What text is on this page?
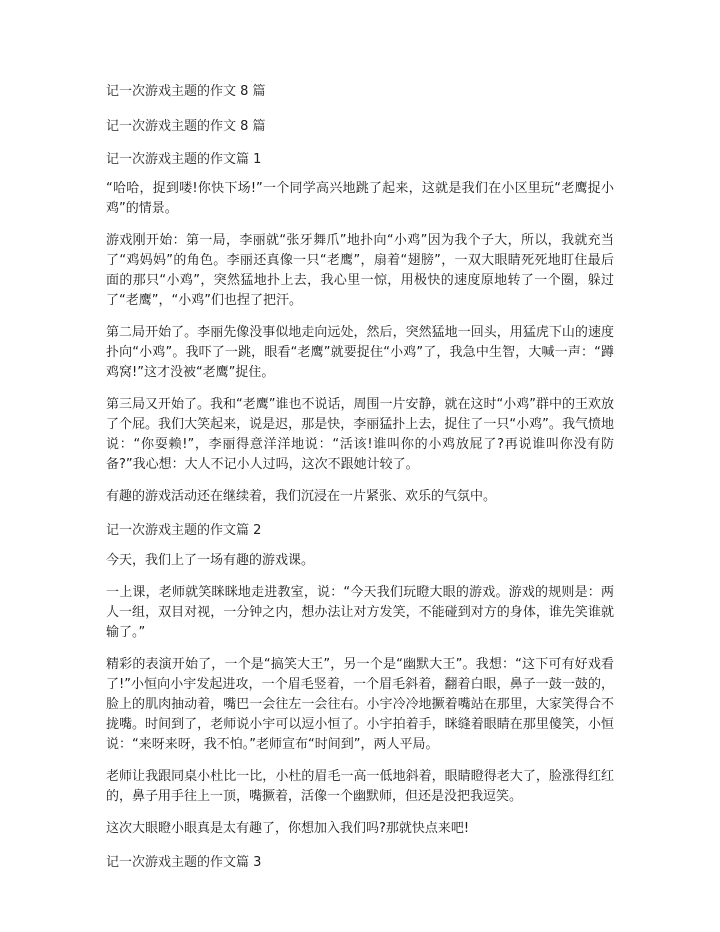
记一次游戏主题的作文 8 篇

记一次游戏主题的作文 8 篇

记一次游戏主题的作文篇 1

“哈哈，捉到喽!你快下场!”一个同学高兴地跳了起来，这就是我们在小区里玩“老鹰捉小鸡”的情景。

游戏刚开始：第一局，李丽就“张牙舞爪”地扑向“小鸡”因为我个子大，所以，我就充当了“鸡妈妈”的角色。李丽还真像一只“老鹰”，扇着“翅膀”，一双大眼睛死死地盯住最后面的那只“小鸡”，突然猛地扑上去，我心里一惊，用极快的速度原地转了一个圈，躲过了“老鹰”，“小鸡”们也捏了把汗。

第二局开始了。李丽先像没事似地走向远处，然后，突然猛地一回头，用猛虎下山的速度扑向“小鸡”。我吓了一跳，眼看“老鹰”就要捉住“小鸡”了，我急中生智，大喊一声：“蹲鸡窝!”这才没被“老鹰”捉住。

第三局又开始了。我和“老鹰”谁也不说话，周围一片安静，就在这时“小鸡”群中的王欢放了个屁。我们大笑起来，说是迟，那是快，李丽猛扑上去，捉住了一只“小鸡”。我气愤地说：“你耍赖!”，李丽得意洋洋地说：“活该!谁叫你的小鸡放屁了?再说谁叫你没有防备?”我心想：大人不记小人过吗，这次不跟她计较了。

有趣的游戏活动还在继续着，我们沉浸在一片紧张、欢乐的气氛中。

记一次游戏主题的作文篇 2

今天，我们上了一场有趣的游戏课。

一上课，老师就笑眯眯地走进教室，说：“今天我们玩瞪大眼的游戏。游戏的规则是：两人一组，双目对视，一分钟之内，想办法让对方发笑，不能碰到对方的身体，谁先笑谁就输了。”

精彩的表演开始了，一个是“搞笑大王”，另一个是“幽默大王”。我想：“这下可有好戏看了!”小恒向小宇发起进攻，一个眉毛竖着，一个眉毛斜着，翻着白眼，鼻子一鼓一鼓的，脸上的肌肉抽动着，嘴巴一会往左一会往右。小宇冷冷地撅着嘴站在那里，大家笑得合不拢嘴。时间到了，老师说小宇可以逗小恒了。小宇拍着手，眯缝着眼睛在那里傻笑，小恒说：“来呀来呀，我不怕。”老师宣布“时间到”，两人平局。

老师让我跟同桌小杜比一比，小杜的眉毛一高一低地斜着，眼睛瞪得老大了，脸涨得红红的，鼻子用手往上一顶，嘴撅着，活像一个幽默师，但还是没把我逗笑。

这次大眼瞪小眼真是太有趣了，你想加入我们吗?那就快点来吧!

记一次游戏主题的作文篇 3
